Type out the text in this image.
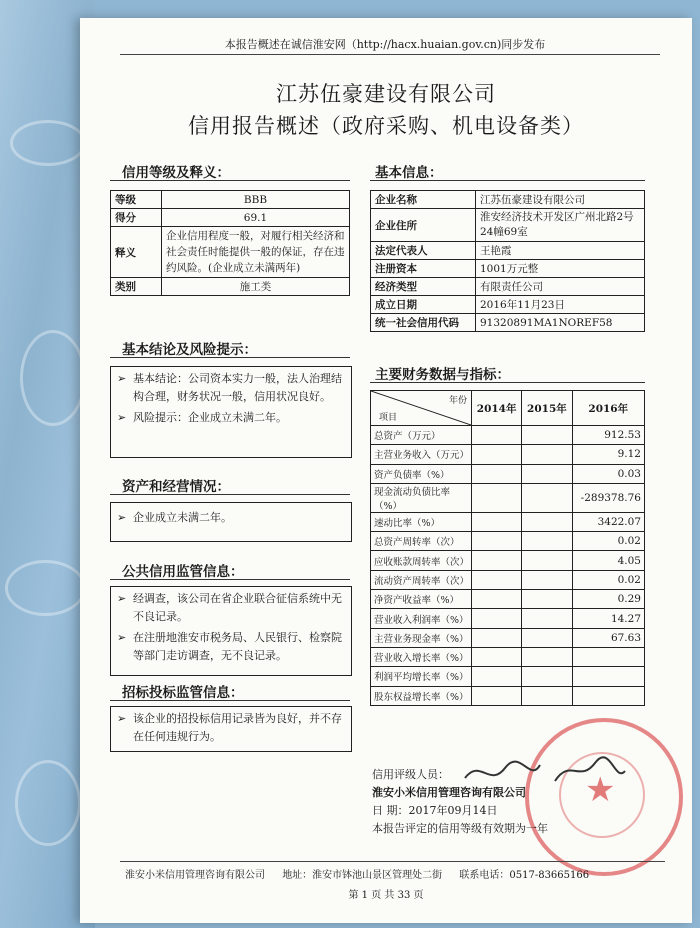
本报告概述在诚信淮安网（http://hacx.huaian.gov.cn)同步发布
江苏伍豪建设有限公司
信用报告概述（政府采购、机电设备类）
信用等级及释义：
等级	BBB
得分	69.1
释义	企业信用程度一般，对履行相关经济和社会责任时能提供一般的保证，存在违约风险。(企业成立未满两年)
类别	施工类
基本信息：
企业名称	江苏伍豪建设有限公司
企业住所	淮安经济技术开发区广州北路2号24幢69室
法定代表人	王艳霞
注册资本	1001万元整
经济类型	有限责任公司
成立日期	2016年11月23日
统一社会信用代码	91320891MA1NOREF58
基本结论及风险提示：
➢ 基本结论：公司资本实力一般，法人治理结构合理，财务状况一般，信用状况良好。
➢ 风险提示：企业成立未满二年。
资产和经营情况：
➢ 企业成立未满二年。
公共信用监管信息：
➢ 经调查，该公司在省企业联合征信系统中无不良记录。
➢ 在注册地淮安市税务局、人民银行、检察院等部门走访调查，无不良记录。
招标投标监管信息：
➢ 该企业的招投标信用记录皆为良好，并不存在任何违规行为。
主要财务数据与指标：
年份
项目	2014年	2015年	2016年
总资产（万元）			912.53
主营业务收入（万元）			9.12
资产负债率（%）			0.03
现金流动负债比率（%）			-289378.76
速动比率（%）			3422.07
总资产周转率（次）			0.02
应收账款周转率（次）			4.05
流动资产周转率（次）			0.02
净资产收益率（%）			0.29
营业收入利润率（%）			14.27
主营业务现金率（%）			67.63
营业收入增长率（%）			
利润平均增长率（%）			
股东权益增长率（%）			
★
信用评级人员：
淮安小米信用管理咨询有限公司
日 期：2017年09月14日
本报告评定的信用等级有效期为一年
淮安小米信用管理咨询有限公司 地址：淮安市钵池山景区管理处二街 联系电话：0517-83665166
第 1 页 共 33 页
